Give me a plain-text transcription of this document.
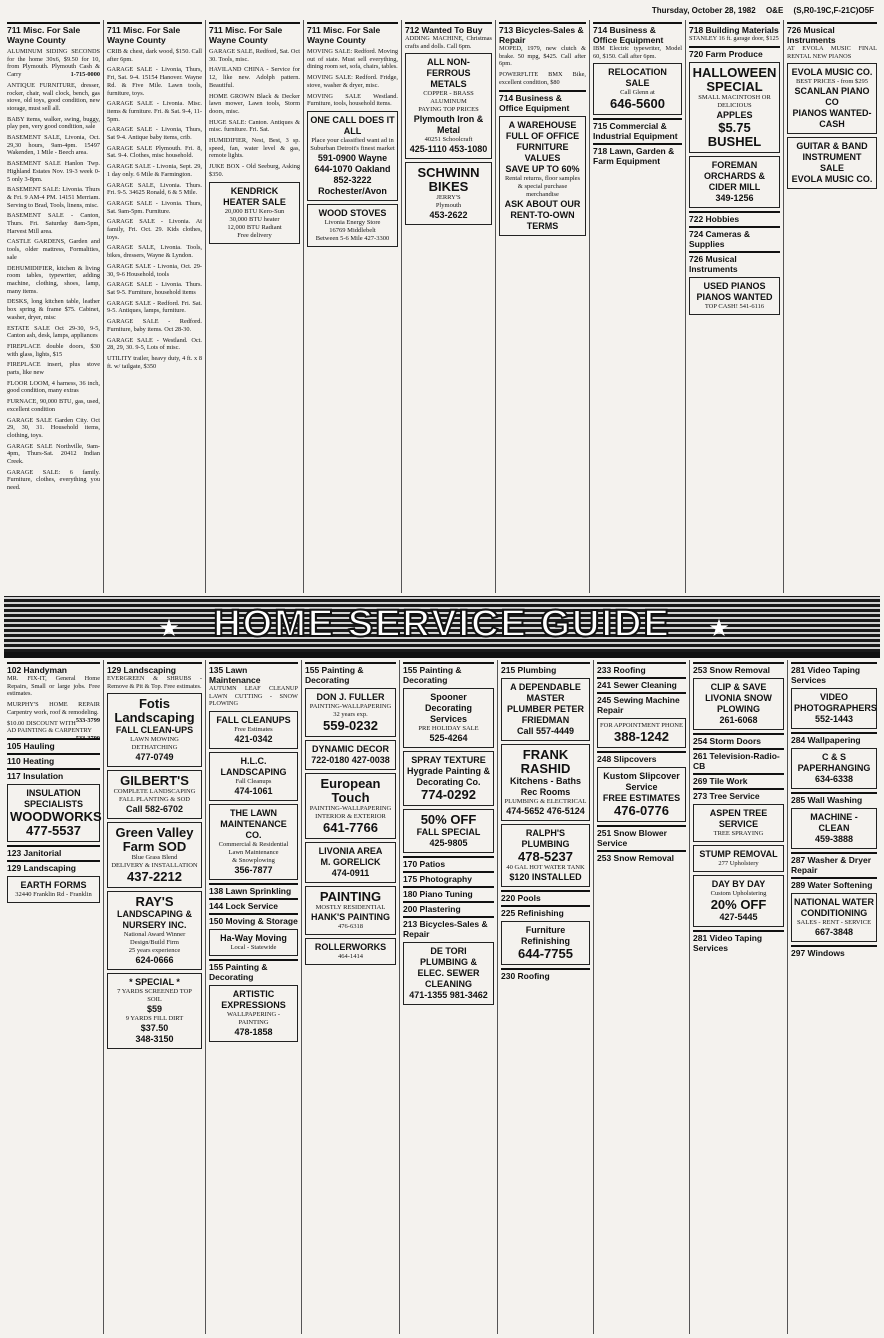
Thursday, October 28, 1982 O&E (S,R0-19C,F-21C)O5F
711 Misc. For Sale
Wayne County
ALUMINUM SIDING SECONDS for the home 30x6, $9.50 for 10, from Plymouth. Plymouth Cash & Carry	1-715-0000
ANTIQUE FURNITURE, dresser, rocker, chair, wall clock, bench, gas stove, old toys, good condition, new storage, must sell all.
BABY items, walker, swing, buggy, play pen, very good condition, sale
BASEMENT SALE, Livonia, Oct. 29,30 hours, 9am-4pm. 15497 Wakenden, 1 Mile - Beech area.
BASEMENT SALE Hanlon Twp. Highland Estates Nov. 19-3 week 0-5 only 3-8pm.
BASEMENT SALE: Livonia. Thurs & Fri. 9 AM-4 PM. 14151 Merriam. Serving to Brad, Tools, linens, misc.
BASEMENT SALE - Canton, Thurs. Fri. Saturday 8am-5pm, Harvest Mill area.
CASTLE GARDENS, Garden and tools, older mattress, Formalities, sale
DEHUMIDIFIER, kitchen & living room tables, typewriter, adding machine, clothing, shoes, lamp, many items.
DESKS, long kitchen table, leather box spring & frame $75. Cabinet, washer, dryer, misc
ESTATE SALE Oct 29-30, 9-5, Canton ash, desk, lamps, appliances
FIREPLACE double doors, $30 with glass, lights, $15
FIREPLACE insert, plus stove parts, like new
FLOOR LOOM, 4 harness, 36 inch, good condition, many extras
FURNACE, 90,000 BTU, gas, used, excellent condition
GARAGE SALE Garden City. Oct 29, 30, 31. Household items, clothing, toys.
GARAGE SALE Northville, 9am-4pm, Thurs-Sat. 20412 Indian Creek.
GARAGE SALE: 6 family. Furniture, clothes, everything you need.
711 Misc. For Sale
Wayne County
CRIB & chest, dark wood, $150. Call after 6pm.
GARAGE SALE - Livonia, Thurs, Fri, Sat. 9-4. 15154 Hanover. Wayne Rd. & Five Mile. Lawn tools, furniture, toys.
GARAGE SALE - Livonia. Misc. items & furniture. Fri. & Sat. 9-4, 11-5pm.
GARAGE SALE - Livonia, Thurs, Sat 9-4. Antique baby items, crib.
GARAGE SALE Plymouth. Fri. 8, Sat. 9-4. Clothes, misc household.
GARAGE SALE - Livonia, Sept. 29, 1 day only. 6 Mile & Farmington.
GARAGE SALE, Livonia. Thurs. Fri. 9-5. 34625 Ronald, 6 & 5 Mile.
GARAGE SALE - Livonia. Thurs, Sat. 9am-5pm. Furniture.
GARAGE SALE - Livonia. At family, Fri. Oct. 29. Kids clothes, toys.
GARAGE SALE, Livonia. Tools, bikes, dressers, Wayne & Lyndon.
GARAGE SALE - Livonia, Oct. 29-30, 9-6 Household, tools
GARAGE SALE - Livonia. Thurs. Sat 9-5. Furniture, household items
GARAGE SALE - Redford. Fri. Sat. 9-5. Antiques, lamps, furniture.
GARAGE SALE - Redford. Furniture, baby items. Oct 28-30.
GARAGE SALE - Westland. Oct. 28, 29, 30. 9-5, Lots of misc.
UTILITY trailer, heavy duty, 4 ft. x 8 ft. w/ tailgate, $350
711 Misc. For Sale
Wayne County
GARAGE SALE, Redford, Sat. Oct 30. Tools, misc.
HAVILAND CHINA - Service for 12, like new. Adolph pattern. Beautiful.
HOME GROWN Black & Decker lawn mower, Lawn tools, Storm doors, misc.
HUGE SALE: Canton. Antiques & misc. furniture. Fri. Sat.
HUMIDIFIER, Nest, Best, 3 sp. speed, fan, water level & gas, remote lights.
JUKE BOX - Old Seeburg, Asking $350.
KENDRICK HEATER SALE
20,000 BTU Kero-Sun
30,000 BTU heater
12,000 BTU Radiant
Free delivery
711 Misc. For Sale
Wayne County
MOVING SALE: Redford. Moving out of state. Must sell everything, dining room set, sofa, chairs, tables.
MOVING SALE: Redford. Fridge, stove, washer & dryer, misc.
MOVING SALE Westland. Furniture, tools, household items.
ONE CALL DOES IT ALL
Place your classified want ad in
Suburban Detroit's finest market
591-0900 Wayne
644-1070 Oakland
852-3222 Rochester/Avon
WOOD STOVES
Livonia Energy Store
16769 Middlebelt
Between 5-6 Mile 427-3300
712 Wanted To Buy
ADDING MACHINE, Christmas crafts and dolls. Call 6pm.
ALL NON-FERROUS METALS
COPPER - BRASS
ALUMINUM
PAYING TOP PRICES
Plymouth Iron & Metal
40251 Schoolcraft
425-1110 453-1080
SCHWINN BIKES
JERRY'S
Plymouth
453-2622
713 Bicycles-Sales & Repair
MOPED, 1979, new clutch & brake. 50 mpg, $425. Call after 6pm.
POWERFLITE BMX Bike, excellent condition, $80
714 Business & Office Equipment
A WAREHOUSE FULL OF OFFICE FURNITURE VALUES
SAVE UP TO 60%
Rental returns, floor samples
& special purchase
merchandise
ASK ABOUT OUR RENT-TO-OWN TERMS
714 Business & Office Equipment
IBM Electric typewriter, Model 60, $150. Call after 6pm.
RELOCATION SALE
Call Glenn at
646-5600
715 Commercial & Industrial Equipment
718 Lawn, Garden & Farm Equipment
718 Building Materials
STANLEY 16 ft. garage door, $125
720 Farm Produce
HALLOWEEN SPECIAL
SMALL MACINTOSH OR DELICIOUS
APPLES
$5.75 BUSHEL
FOREMAN ORCHARDS & CIDER MILL
349-1256
722 Hobbies
724 Cameras & Supplies
726 Musical Instruments
USED PIANOS
PIANOS WANTED
TOP CASH! 541-6116
726 Musical Instruments
AT EVOLA MUSIC FINAL RENTAL NEW PIANOS
EVOLA MUSIC CO.
BEST PRICES - from $295
SCANLAN PIANO CO
PIANOS WANTED-CASH
GUITAR & BAND INSTRUMENT SALE
EVOLA MUSIC CO.
★	★
HOME SERVICE GUIDE
102 Handyman
MR. FIX-IT, General Home Repairs, Small or large jobs. Free estimates.
MURPHY'S HOME REPAIR Carpentry work, roof & remodeling.
533-3799
$10.00 DISCOUNT WITH AD PAINTING & CARPENTRY
533-3799
105 Hauling
110 Heating
117 Insulation
INSULATION SPECIALISTS
WOODWORKS
477-5537
123 Janitorial
129 Landscaping
EARTH FORMS
32440 Franklin Rd - Franklin
129 Landscaping
EVERGREEN & SHRUBS - Remove & Pit & Top. Free estimates.
Fotis Landscaping
FALL CLEAN-UPS
LAWN MOWING
DETHATCHING
477-0749
GILBERT'S
COMPLETE LANDSCAPING
FALL PLANTING & SOD
Call 582-6702
Green Valley Farm SOD
Blue Grass Blend
DELIVERY & INSTALLATION
437-2212
RAY'S
LANDSCAPING & NURSERY INC.
National Award Winner
Design/Build Firm
25 years experience
624-0666
* SPECIAL *
7 YARDS SCREENED TOP SOIL
$59
9 YARDS FILL DIRT
$37.50
348-3150
135 Lawn Maintenance
AUTUMN LEAF CLEANUP LAWN CUTTING - SNOW PLOWING
FALL CLEANUPS
Free Estimates
421-0342
H.L.C. LANDSCAPING
Fall Cleanups
474-1061
THE LAWN MAINTENANCE CO.
Commercial & Residential
Lawn Maintenance
& Snowplowing
356-7877
138 Lawn Sprinkling
144 Lock Service
150 Moving & Storage
Ha-Way Moving
Local - Statewide
155 Painting & Decorating
ARTISTIC EXPRESSIONS
WALLPAPERING - PAINTING
478-1858
155 Painting & Decorating
DON J. FULLER
PAINTING-WALLPAPERING
32 years exp.
559-0232
DYNAMIC DECOR
722-0180 427-0038
European Touch
PAINTING-WALLPAPERING
INTERIOR & EXTERIOR
641-7766
LIVONIA AREA
M. GORELICK
474-0911
PAINTING
MOSTLY RESIDENTIAL
HANK'S PAINTING
476-6318
ROLLERWORKS
464-1414
155 Painting & Decorating
Spooner Decorating Services
PRE HOLIDAY SALE
525-4264
SPRAY TEXTURE
Hygrade Painting & Decorating Co.
774-0292
50% OFF
FALL SPECIAL
425-9805
170 Patios
175 Photography
180 Piano Tuning
200 Plastering
213 Bicycles-Sales & Repair
DE TORI PLUMBING & ELEC. SEWER CLEANING
471-1355 981-3462
215 Plumbing
A DEPENDABLE MASTER PLUMBER PETER FRIEDMAN
Call 557-4449
FRANK RASHID
Kitchens - Baths
Rec Rooms
PLUMBING & ELECTRICAL
474-5652 476-5124
RALPH'S PLUMBING
478-5237
40 GAL HOT WATER TANK
$120 INSTALLED
220 Pools
225 Refinishing
Furniture Refinishing
644-7755
230 Roofing
233 Roofing
241 Sewer Cleaning
245 Sewing Machine Repair
FOR APPOINTMENT PHONE
388-1242
248 Slipcovers
Kustom Slipcover Service
FREE ESTIMATES
476-0776
251 Snow Blower Service
253 Snow Removal
253 Snow Removal
CLIP & SAVE
LIVONIA SNOW PLOWING
261-6068
254 Storm Doors
261 Television-Radio-CB
269 Tile Work
273 Tree Service
ASPEN TREE SERVICE
TREE SPRAYING
STUMP REMOVAL
277 Upholstery
DAY BY DAY
Custom Upholstering
20% OFF
427-5445
281 Video Taping Services
281 Video Taping Services
VIDEO PHOTOGRAPHERS
552-1443
284 Wallpapering
C & S PAPERHANGING
634-6338
285 Wall Washing
MACHINE - CLEAN
459-3888
287 Washer & Dryer Repair
289 Water Softening
NATIONAL WATER CONDITIONING
SALES - RENT - SERVICE
667-3848
297 Windows
